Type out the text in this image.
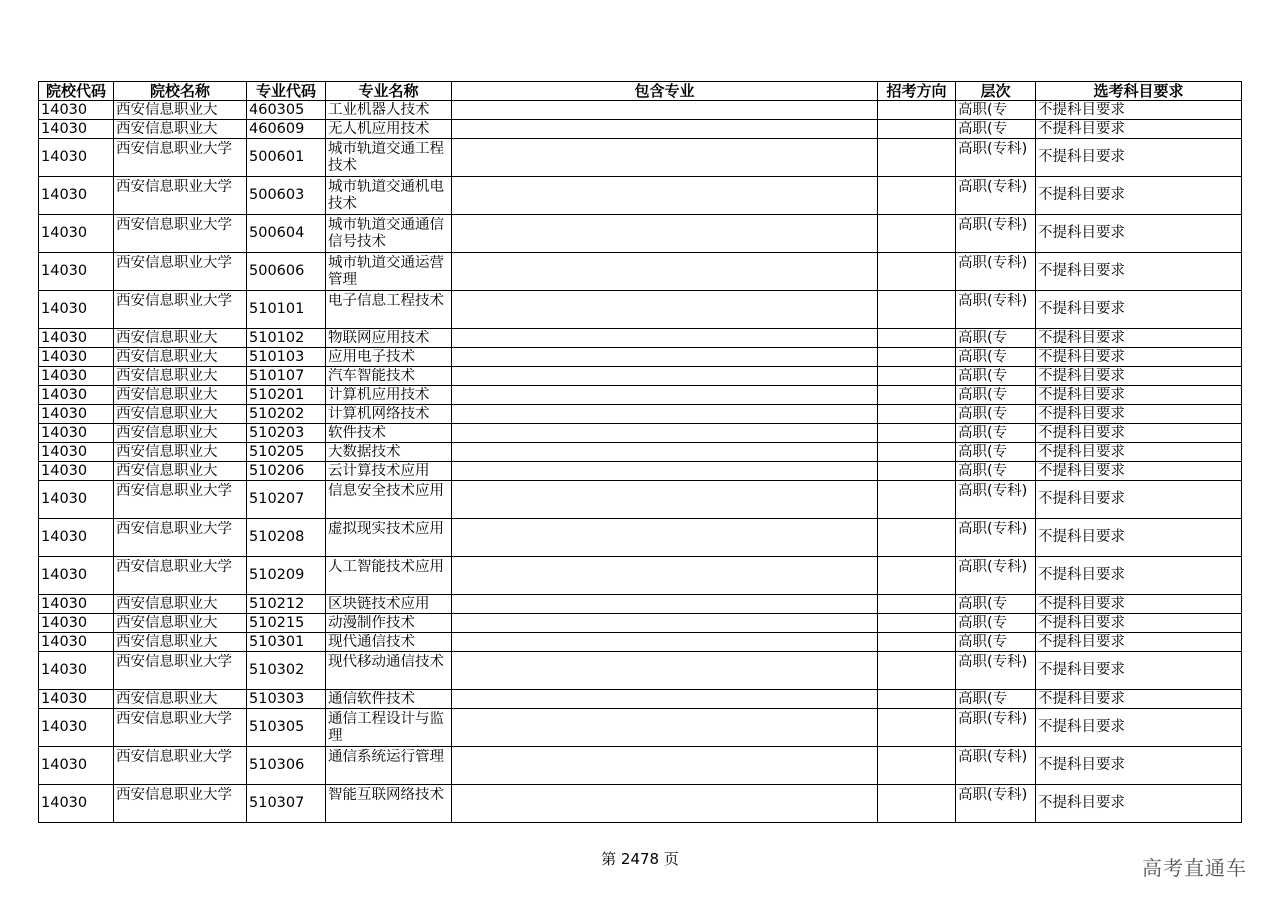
院校代码	院校名称	专业代码	专业名称	包含专业	招考方向	层次	选考科目要求

14030	西安信息职业大	460305	工业机器人技术			高职(专	不提科目要求

14030	西安信息职业大	460609	无人机应用技术			高职(专	不提科目要求

14030	西安信息职业大学	500601	城市轨道交通工程技术			高职(专科)	不提科目要求

14030	西安信息职业大学	500603	城市轨道交通机电技术			高职(专科)	不提科目要求

14030	西安信息职业大学	500604	城市轨道交通通信信号技术			高职(专科)	不提科目要求

14030	西安信息职业大学	500606	城市轨道交通运营管理			高职(专科)	不提科目要求

14030	西安信息职业大学	510101	电子信息工程技术			高职(专科)	不提科目要求

14030	西安信息职业大	510102	物联网应用技术			高职(专	不提科目要求

14030	西安信息职业大	510103	应用电子技术			高职(专	不提科目要求

14030	西安信息职业大	510107	汽车智能技术			高职(专	不提科目要求

14030	西安信息职业大	510201	计算机应用技术			高职(专	不提科目要求

14030	西安信息职业大	510202	计算机网络技术			高职(专	不提科目要求

14030	西安信息职业大	510203	软件技术			高职(专	不提科目要求

14030	西安信息职业大	510205	大数据技术			高职(专	不提科目要求

14030	西安信息职业大	510206	云计算技术应用			高职(专	不提科目要求

14030	西安信息职业大学	510207	信息安全技术应用			高职(专科)	不提科目要求

14030	西安信息职业大学	510208	虚拟现实技术应用			高职(专科)	不提科目要求

14030	西安信息职业大学	510209	人工智能技术应用			高职(专科)	不提科目要求

14030	西安信息职业大	510212	区块链技术应用			高职(专	不提科目要求

14030	西安信息职业大	510215	动漫制作技术			高职(专	不提科目要求

14030	西安信息职业大	510301	现代通信技术			高职(专	不提科目要求

14030	西安信息职业大学	510302	现代移动通信技术			高职(专科)	不提科目要求

14030	西安信息职业大	510303	通信软件技术			高职(专	不提科目要求

14030	西安信息职业大学	510305	通信工程设计与监理			高职(专科)	不提科目要求

14030	西安信息职业大学	510306	通信系统运行管理			高职(专科)	不提科目要求

14030	西安信息职业大学	510307	智能互联网络技术			高职(专科)	不提科目要求
第 2478 页	高考直通车
